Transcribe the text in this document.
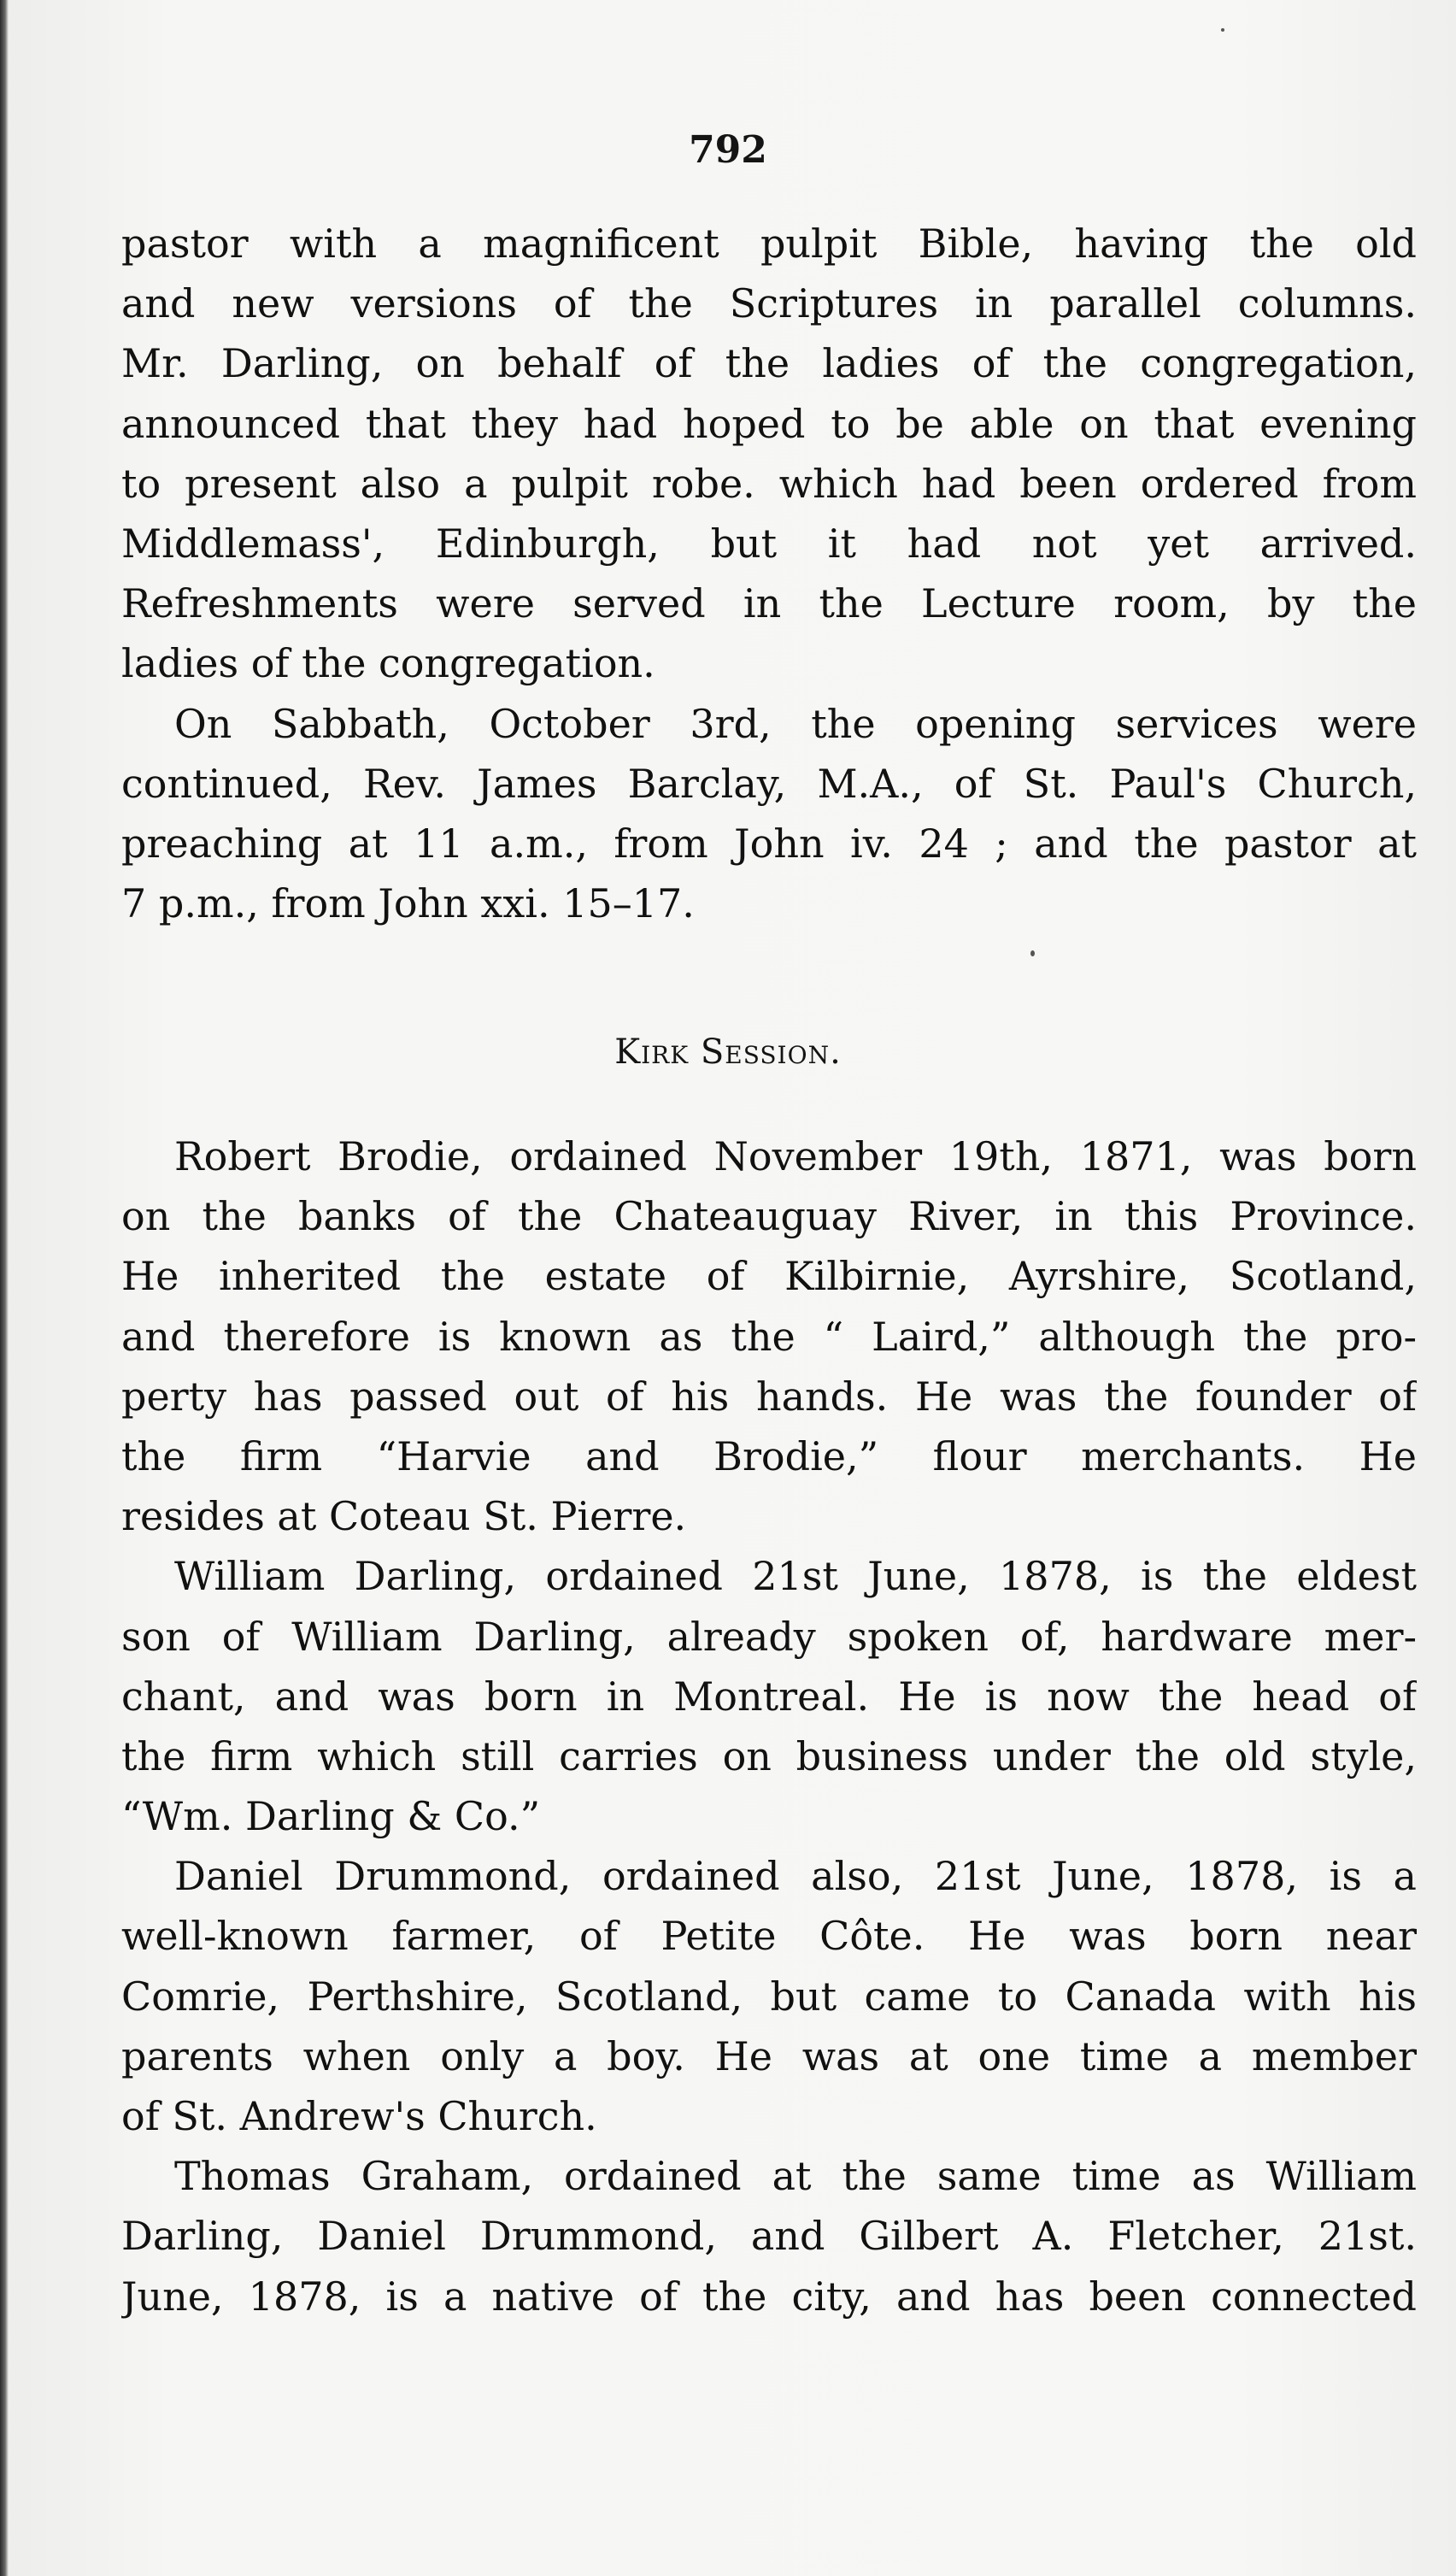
792

pastor with a magnificent pulpit Bible, having the old
and new versions of the Scriptures in parallel columns.
Mr. Darling, on behalf of the ladies of the congregation,
announced that they had hoped to be able on that evening
to present also a pulpit robe. which had been ordered from
Middlemass', Edinburgh, but it had not yet arrived.
Refreshments were served in the Lecture room, by the
ladies of the congregation.
On Sabbath, October 3rd, the opening services were
continued, Rev. James Barclay, M.A., of St. Paul's Church,
preaching at 11 a.m., from John iv. 24 ; and the pastor at
7 p.m., from John xxi. 15–17.

Kirk Session.

Robert Brodie, ordained November 19th, 1871, was born
on the banks of the Chateauguay River, in this Province.
He inherited the estate of Kilbirnie, Ayrshire, Scotland,
and therefore is known as the “ Laird,” although the pro-
perty has passed out of his hands. He was the founder of
the firm “Harvie and Brodie,” flour merchants. He
resides at Coteau St. Pierre.
William Darling, ordained 21st June, 1878, is the eldest
son of William Darling, already spoken of, hardware mer-
chant, and was born in Montreal. He is now the head of
the firm which still carries on business under the old style,
“Wm. Darling & Co.”
Daniel Drummond, ordained also, 21st June, 1878, is a
well-known farmer, of Petite Côte. He was born near
Comrie, Perthshire, Scotland, but came to Canada with his
parents when only a boy. He was at one time a member
of St. Andrew's Church.
Thomas Graham, ordained at the same time as William
Darling, Daniel Drummond, and Gilbert A. Fletcher, 21st.
June, 1878, is a native of the city, and has been connected
